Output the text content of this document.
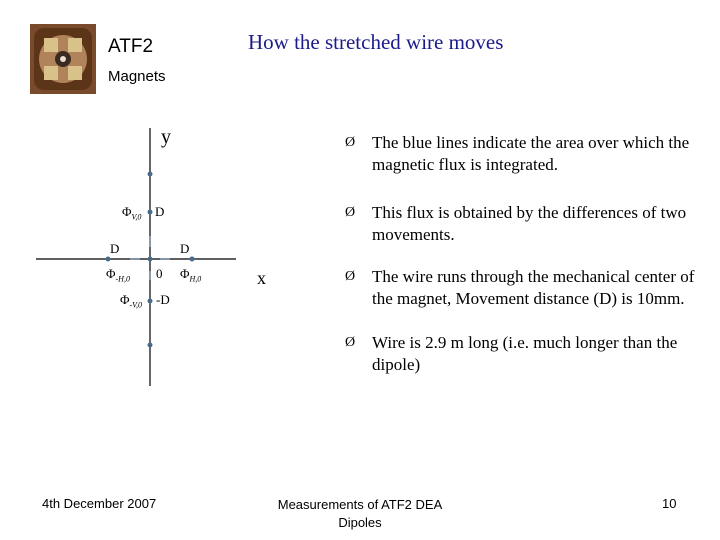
ATF2
Magnets
How the stretched wire moves
y
x
$\Phi_{V,0}$ D
D	D
$\Phi_{-H,0}$ 0 $\Phi_{H,0}$
$\Phi_{-V,0}$ -D
Ø The blue lines indicate the area over which the magnetic flux is integrated.
Ø This flux is obtained by the differences of two movements.
Ø The wire runs through the mechanical center of the magnet, Movement distance (D) is 10mm.
Ø Wire is 2.9 m long (i.e. much longer than the dipole)
4th December 2007	Measurements of ATF2 DEA Dipoles
10
